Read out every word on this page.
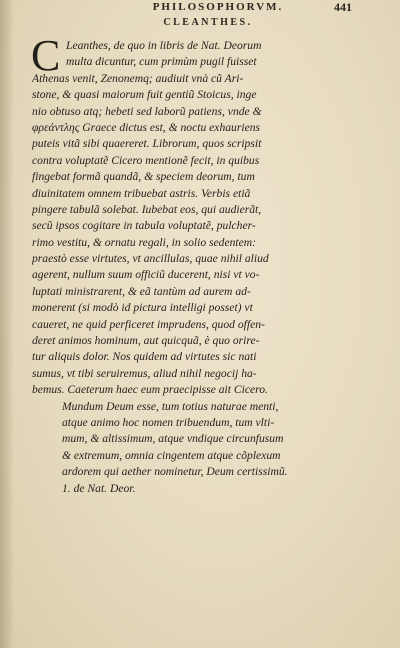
PHILOSOPHORVM.	441
CLEANTHES.
C Leanthes, de quo in libris de Nat. Deorum
multa dicuntur, cum primùm pugil fuisset
Athenas venit, Zenonemq; audiuit vnà cũ Ari-
stone, & quasi maiorum fuit gentiũ Stoicus, inge
nio obtuso atq; hebeti sed laborũ patiens, vnde &
φρεάντλης Graece dictus est, & noctu exhauriens
puteis vitã sibi quaereret. Librorum, quos scripsit
contra voluptatẽ Cicero mentionẽ fecit, in quibus
fingebat formã quandã, & speciem deorum, tum
diuinitatem omnem tribuebat astris. Verbis etiã
pingere tabulã solebat. Iubebat eos, qui audierãt,
secũ ipsos cogitare in tabula voluptatẽ, pulcher-
rimo vestitu, & ornatu regali, in solio sedentem:
praestò esse virtutes, vt ancillulas, quae nihil aliud
agerent, nullum suum officiũ ducerent, nisi vt vo-
luptati ministrarent, & eã tantùm ad aurem ad-
monerent (si modò id pictura intelligi posset) vt
caueret, ne quid perficeret imprudens, quod offen-
deret animos hominum, aut quicquã, è quo orire-
tur aliquis dolor. Nos quidem ad virtutes sic nati
sumus, vt tibi seruiremus, aliud nihil negocij ha-
bemus. Caeterum haec eum praecipisse ait Cicero.
Mundum Deum esse, tum totius naturae menti,
atque animo hoc nomen tribuendum, tum vlti-
mum, & altissimum, atque vndique circunfusum
& extremum, omnia cingentem atque cõplexum
ardorem qui aether nominetur, Deum certissimũ.
1. de Nat. Deor.
